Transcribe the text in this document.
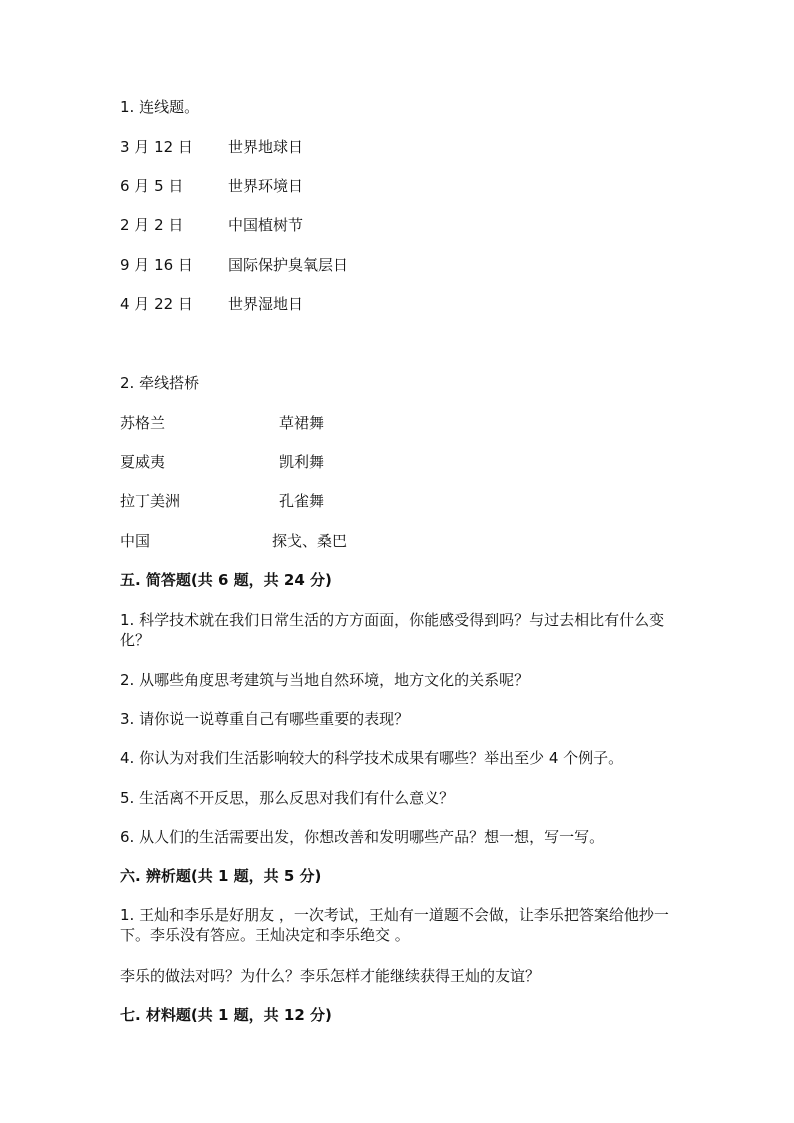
1. 连线题。
3 月 12 日 世界地球日
6 月 5 日	世界环境日
2 月 2 日	中国植树节
9 月 16 日 国际保护臭氧层日
4 月 22 日 世界湿地日
2. 牵线搭桥
苏格兰	草裙舞
夏威夷	凯利舞
拉丁美洲	孔雀舞
中国	探戈、桑巴
五. 简答题(共 6 题，共 24 分)
1. 科学技术就在我们日常生活的方方面面，你能感受得到吗？与过去相比有什么变化？
2. 从哪些角度思考建筑与当地自然环境，地方文化的关系呢？
3. 请你说一说尊重自己有哪些重要的表现？
4. 你认为对我们生活影响较大的科学技术成果有哪些？举出至少 4 个例子。
5. 生活离不开反思，那么反思对我们有什么意义？
6. 从人们的生活需要出发，你想改善和发明哪些产品？想一想，写一写。
六. 辨析题(共 1 题，共 5 分)
1. 王灿和李乐是好朋友 ，一次考试，王灿有一道题不会做，让李乐把答案给他抄一下。李乐没有答应。王灿决定和李乐绝交 。
李乐的做法对吗？为什么？李乐怎样才能继续获得王灿的友谊？
七. 材料题(共 1 题，共 12 分)
